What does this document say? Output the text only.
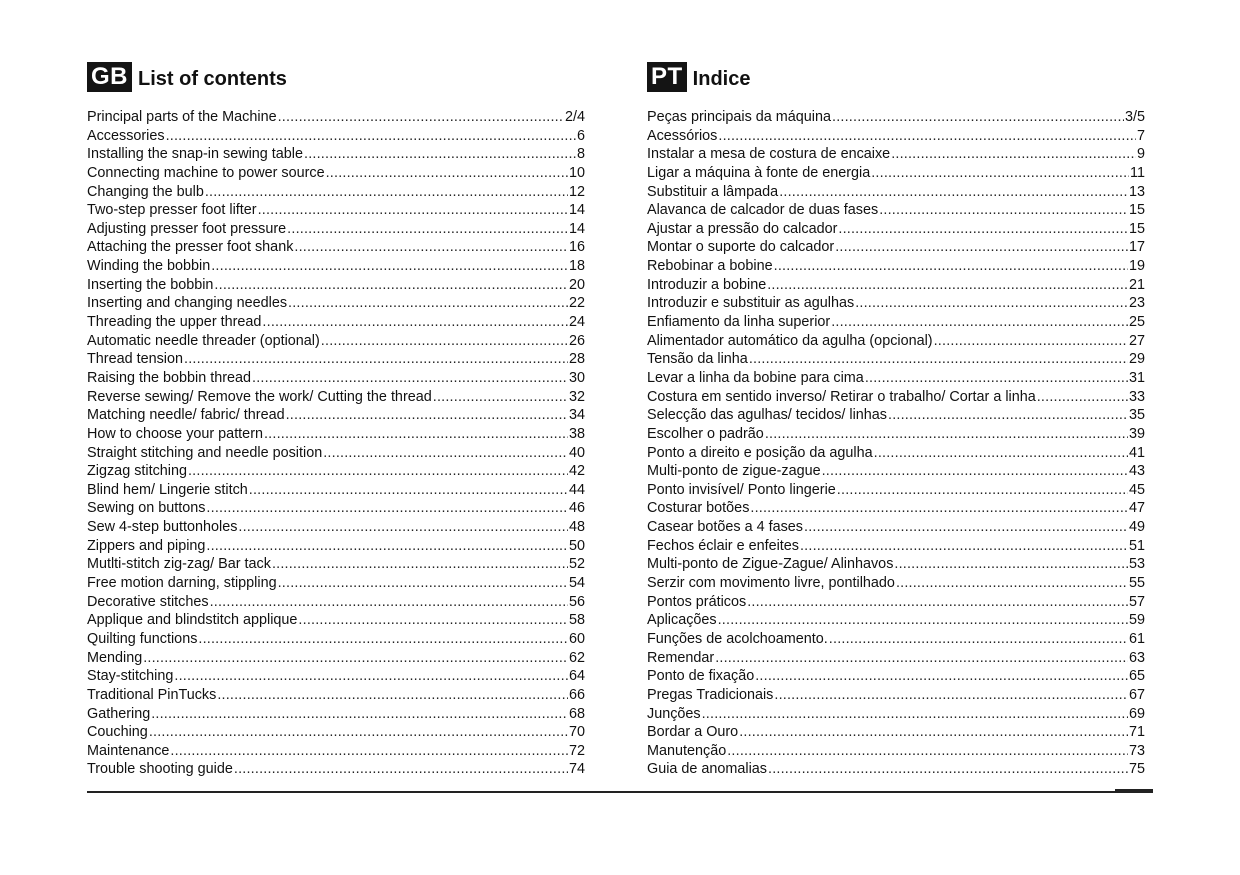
GB List of contents
Principal parts of the Machine .....	2/4
Accessories .....	6
Installing the snap-in sewing table .....	8
Connecting machine to power source .....	10
Changing the bulb .....	12
Two-step presser foot lifter .....	14
Adjusting presser foot pressure .....	14
Attaching the presser foot shank .....	16
Winding the bobbin .....	18
Inserting the bobbin .....	20
Inserting and changing needles .....	22
Threading the upper thread .....	24
Automatic needle threader (optional) .....	26
Thread tension .....	28
Raising the bobbin thread .....	30
Reverse sewing/ Remove the work/ Cutting the thread .....	32
Matching needle/ fabric/ thread .....	34
How to choose your pattern .....	38
Straight stitching and needle position .....	40
Zigzag stitching .....	42
Blind hem/ Lingerie stitch .....	44
Sewing on buttons .....	46
Sew 4-step buttonholes .....	48
Zippers and piping .....	50
Mutlti-stitch zig-zag/ Bar tack .....	52
Free motion darning, stippling .....	54
Decorative stitches .....	56
Applique and blindstitch applique .....	58
Quilting functions .....	60
Mending .....	62
Stay-stitching .....	64
Traditional PinTucks .....	66
Gathering .....	68
Couching .....	70
Maintenance .....	72
Trouble shooting guide .....	74
PT Indice
Peças principais da máquina .....	3/5
Acessórios .....	7
Instalar a mesa de costura de encaixe .....	9
Ligar a máquina à fonte de energia .....	11
Substituir a lâmpada .....	13
Alavanca de calcador de duas fases .....	15
Ajustar a pressão do calcador .....	15
Montar o suporte do calcador .....	17
Rebobinar a bobine .....	19
Introduzir a bobine .....	21
Introduzir e substituir as agulhas .....	23
Enfiamento da linha superior .....	25
Alimentador automático da agulha (opcional) .....	27
Tensão da linha .....	29
Levar a linha da bobine para cima .....	31
Costura em sentido inverso/ Retirar o trabalho/ Cortar a linha .....	33
Selecção das agulhas/ tecidos/ linhas .....	35
Escolher o padrão .....	39
Ponto a direito e posição da agulha .....	41
Multi-ponto de zigue-zague .....	43
Ponto invisível/ Ponto lingerie .....	45
Costurar botões .....	47
Casear botões a 4 fases .....	49
Fechos éclair e enfeites .....	51
Multi-ponto de Zigue-Zague/ Alinhavos .....	53
Serzir com movimento livre, pontilhado .....	55
Pontos práticos .....	57
Aplicações .....	59
Funções de acolchoamento. .....	61
Remendar .....	63
Ponto de fixação .....	65
Pregas Tradicionais .....	67
Junções .....	69
Bordar a Ouro .....	71
Manutenção .....	73
Guia de anomalias .....	75
